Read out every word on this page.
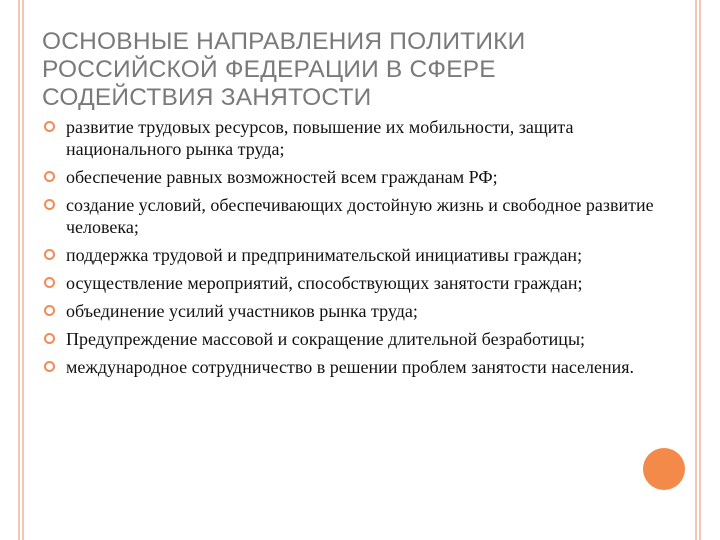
ОСНОВНЫЕ НАПРАВЛЕНИЯ ПОЛИТИКИ
РОССИЙСКОЙ ФЕДЕРАЦИИ В СФЕРЕ
СОДЕЙСТВИЯ ЗАНЯТОСТИ
развитие трудовых ресурсов, повышение их мобильности, защита национального рынка труда;
обеспечение равных возможностей всем гражданам РФ;
создание условий, обеспечивающих достойную жизнь и свободное развитие человека;
поддержка трудовой и предпринимательской инициативы граждан;
осуществление мероприятий, способствующих занятости граждан;
объединение усилий участников рынка труда;
Предупреждение массовой и сокращение длительной безработицы;
международное сотрудничество в решении проблем занятости населения.
